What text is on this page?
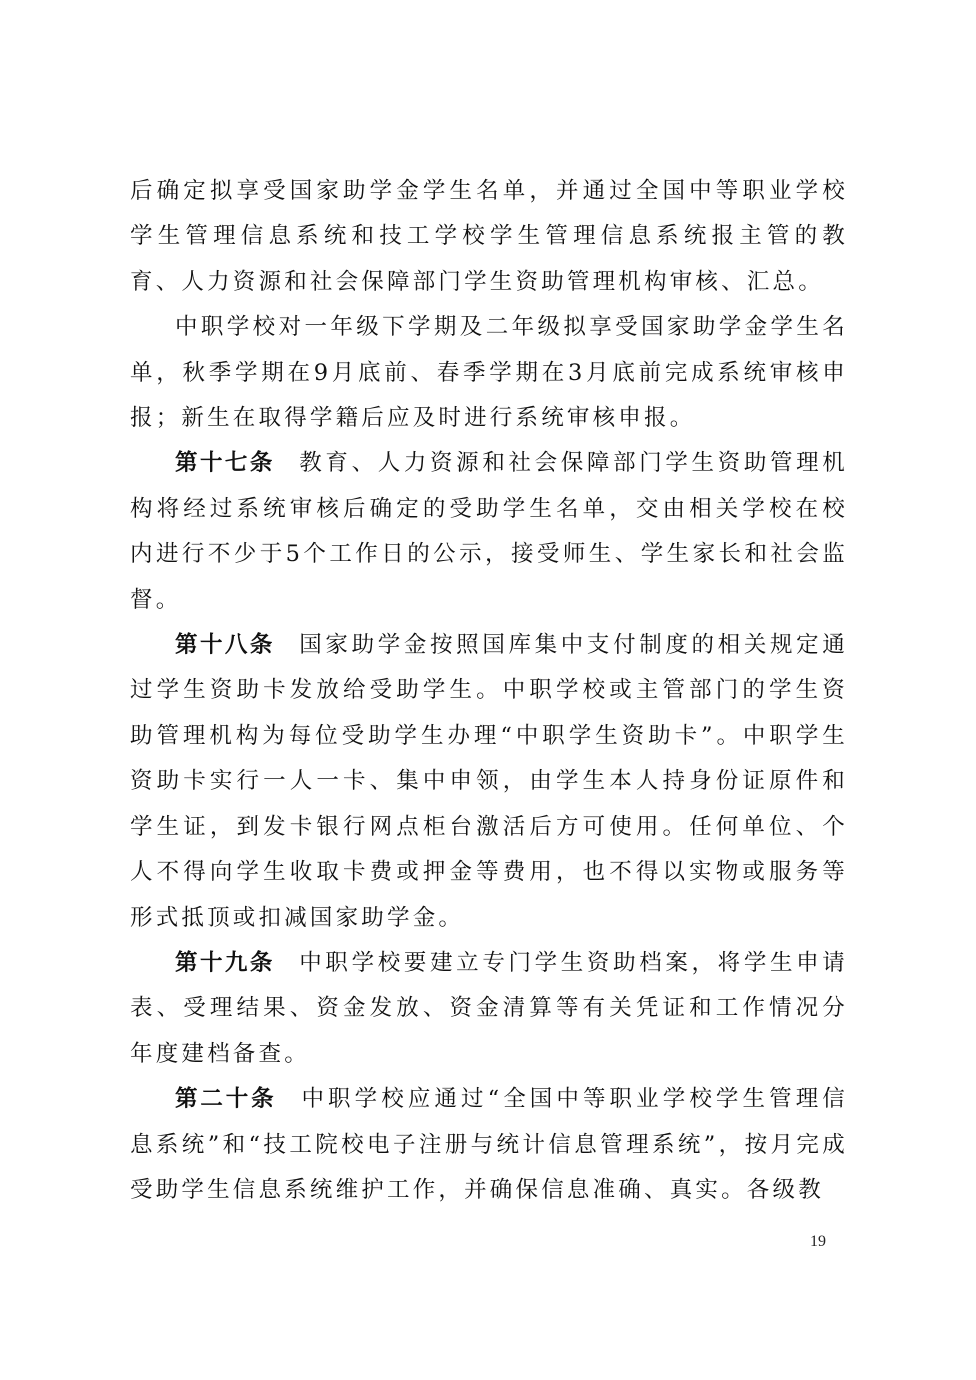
后确定拟享受国家助学金学生名单，并通过全国中等职业学校学生管理信息系统和技工学校学生管理信息系统报主管的教育、人力资源和社会保障部门学生资助管理机构审核、汇总。

中职学校对一年级下学期及二年级拟享受国家助学金学生名单，秋季学期在9月底前、春季学期在3月底前完成系统审核申报；新生在取得学籍后应及时进行系统审核申报。

第十七条 教育、人力资源和社会保障部门学生资助管理机构将经过系统审核后确定的受助学生名单，交由相关学校在校内进行不少于5个工作日的公示，接受师生、学生家长和社会监督。

第十八条 国家助学金按照国库集中支付制度的相关规定通过学生资助卡发放给受助学生。中职学校或主管部门的学生资助管理机构为每位受助学生办理“中职学生资助卡”。中职学生资助卡实行一人一卡、集中申领，由学生本人持身份证原件和学生证，到发卡银行网点柜台激活后方可使用。任何单位、个人不得向学生收取卡费或押金等费用，也不得以实物或服务等形式抵顶或扣减国家助学金。

第十九条 中职学校要建立专门学生资助档案，将学生申请表、受理结果、资金发放、资金清算等有关凭证和工作情况分年度建档备查。

第二十条 中职学校应通过“全国中等职业学校学生管理信息系统”和“技工院校电子注册与统计信息管理系统”，按月完成受助学生信息系统维护工作，并确保信息准确、真实。各级教

19
